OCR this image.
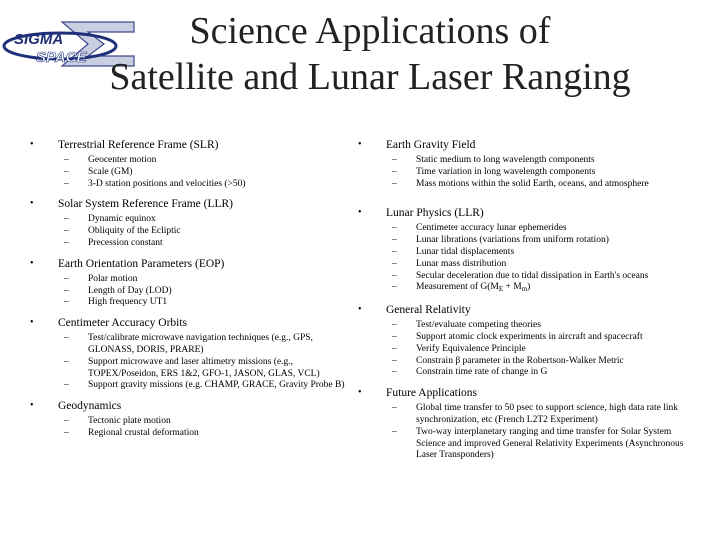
SIGMA
SPACE
Science Applications of
Satellite and Lunar Laser Ranging
•	Terrestrial Reference Frame (SLR)
–	Geocenter motion
–	Scale (GM)
–	3-D station positions and velocities (>50)
•	Solar System Reference Frame (LLR)
–	Dynamic equinox
–	Obliquity of the Ecliptic
–	Precession constant
•	Earth Orientation Parameters (EOP)
–	Polar motion
–	Length of Day (LOD)
–	High frequency UT1
•	Centimeter Accuracy Orbits
–	Test/calibrate microwave navigation techniques (e.g., GPS, GLONASS, DORIS, PRARE)
–	Support microwave and laser altimetry missions (e.g., TOPEX/Poseidon, ERS 1&2, GFO-1, JASON, GLAS, VCL)
–	Support gravity missions (e.g. CHAMP, GRACE, Gravity Probe B)
•	Geodynamics
–	Tectonic plate motion
–	Regional crustal deformation
•	Earth Gravity Field
–	Static medium to long wavelength components
–	Time variation in long wavelength components
–	Mass motions within the solid Earth, oceans, and atmosphere
•	Lunar Physics (LLR)
–	Centimeter accuracy lunar ephemerides
–	Lunar librations (variations from uniform rotation)
–	Lunar tidal displacements
–	Lunar mass distribution
–	Secular deceleration due to tidal dissipation in Earth's oceans
–	Measurement of $G(M_E + M_m)$
•	General Relativity
–	Test/evaluate competing theories
–	Support atomic clock experiments in aircraft and spacecraft
–	Verify Equivalence Principle
–	Constrain β parameter in the Robertson-Walker Metric
–	Constrain time rate of change in G
•	Future Applications
–	Global time transfer to 50 psec to support science, high data rate link synchronization, etc (French L2T2 Experiment)
–	Two-way interplanetary ranging and time transfer for Solar System Science and improved General Relativity Experiments (Asynchronous Laser Transponders)
